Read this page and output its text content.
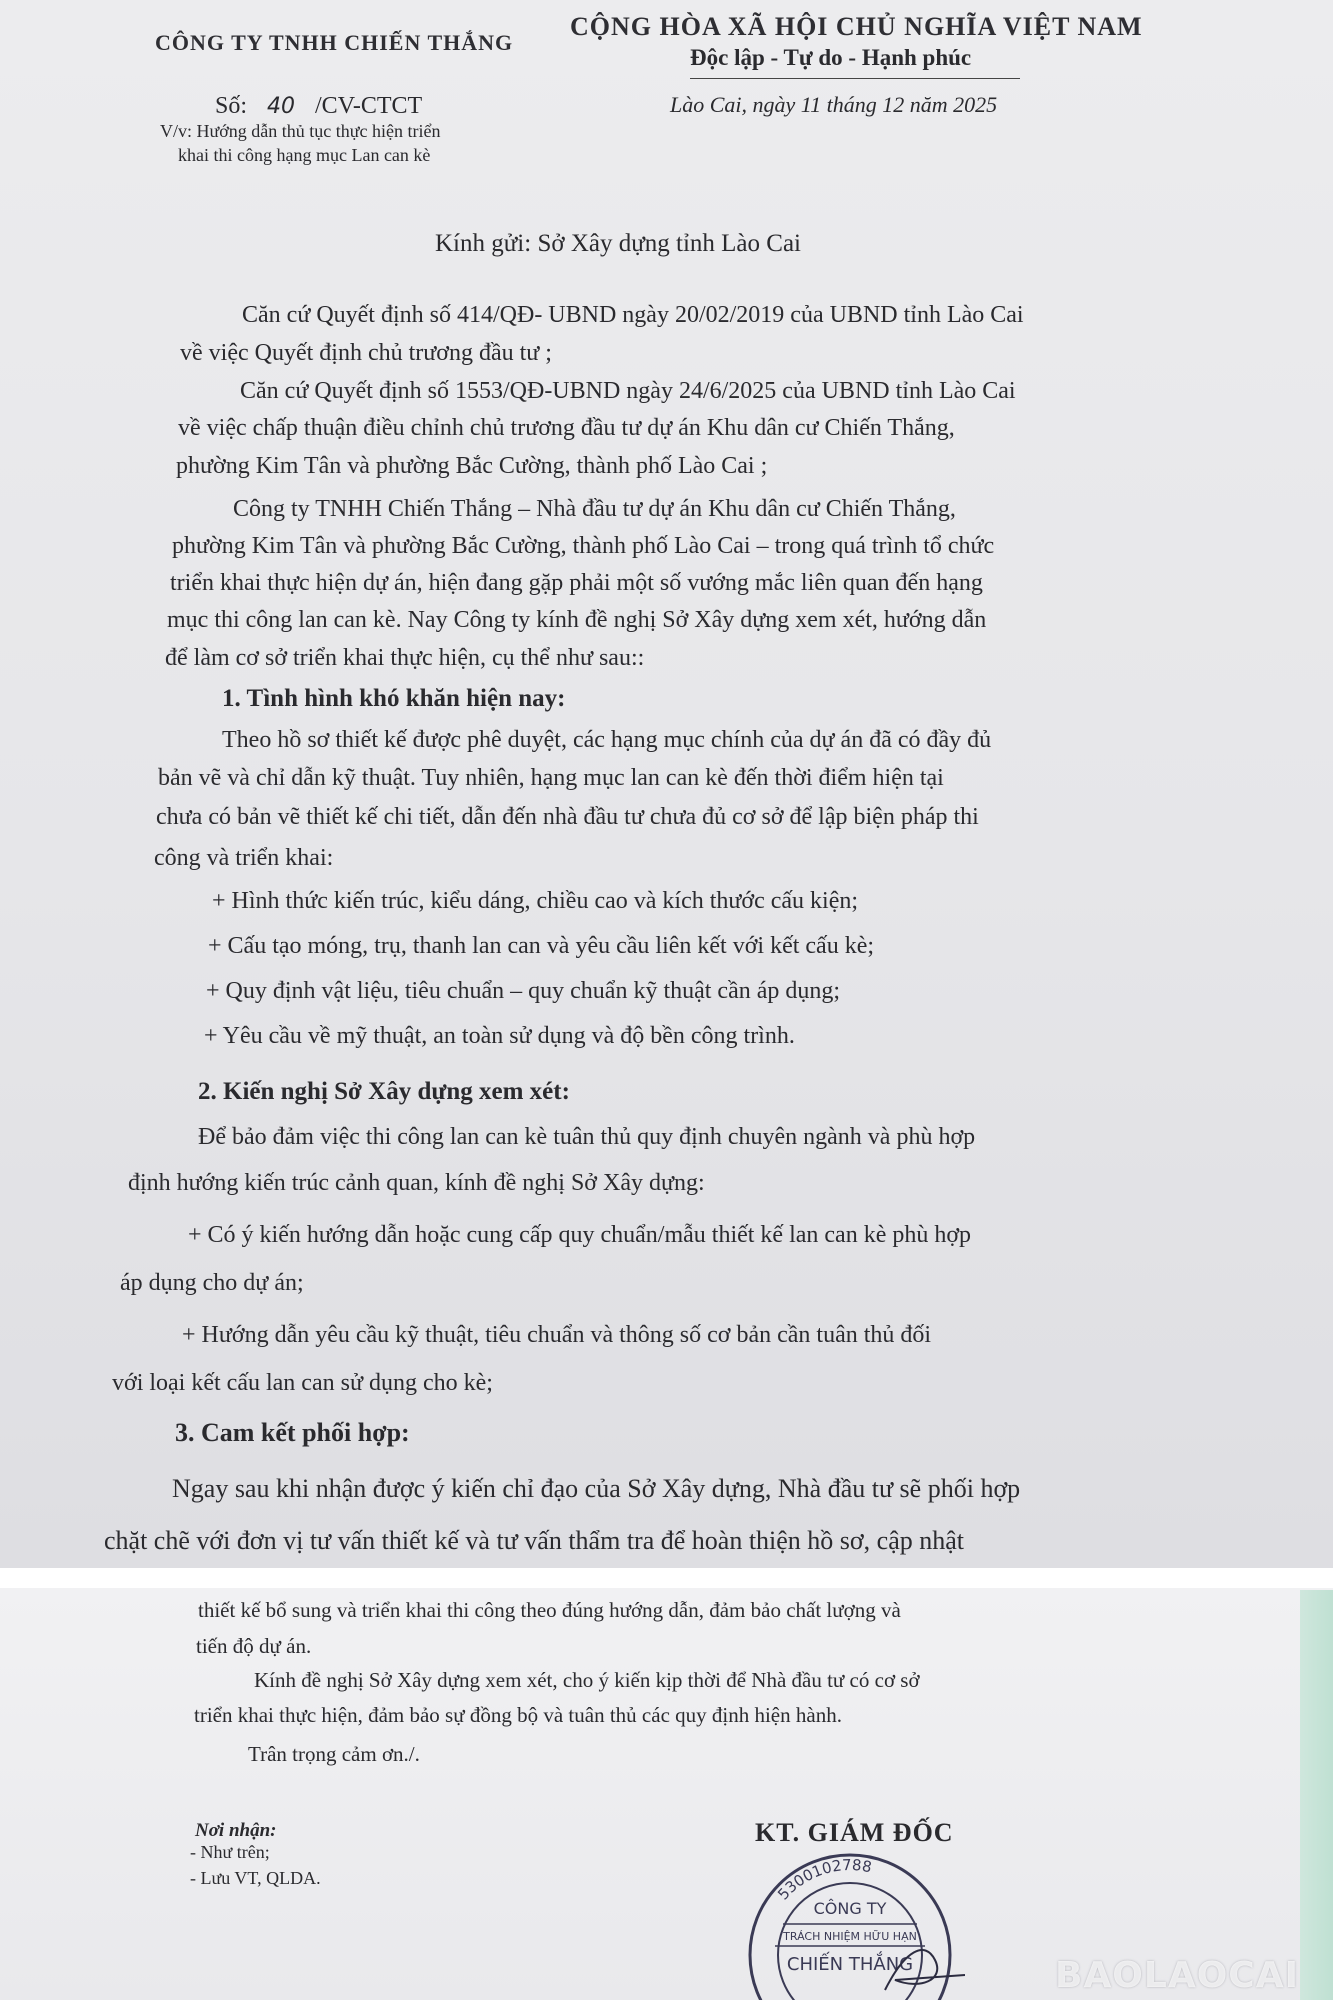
CÔNG TY TNHH CHIẾN THẮNG
CỘNG HÒA XÃ HỘI CHỦ NGHĨA VIỆT NAM
Độc lập - Tự do - Hạnh phúc
Số: 40 /CV-CTCT	Lào Cai, ngày 11 tháng 12 năm 2025
V/v: Hướng dẫn thủ tục thực hiện triển
khai thi công hạng mục Lan can kè
Kính gửi: Sở Xây dựng tỉnh Lào Cai
Căn cứ Quyết định số 414/QĐ- UBND ngày 20/02/2019 của UBND tỉnh Lào Cai
về việc Quyết định chủ trương đầu tư ;
Căn cứ Quyết định số 1553/QĐ-UBND ngày 24/6/2025 của UBND tỉnh Lào Cai
về việc chấp thuận điều chỉnh chủ trương đầu tư dự án Khu dân cư Chiến Thắng,
phường Kim Tân và phường Bắc Cường, thành phố Lào Cai ;
Công ty TNHH Chiến Thắng – Nhà đầu tư dự án Khu dân cư Chiến Thắng,
phường Kim Tân và phường Bắc Cường, thành phố Lào Cai – trong quá trình tổ chức
triển khai thực hiện dự án, hiện đang gặp phải một số vướng mắc liên quan đến hạng
mục thi công lan can kè. Nay Công ty kính đề nghị Sở Xây dựng xem xét, hướng dẫn
để làm cơ sở triển khai thực hiện, cụ thể như sau::
1. Tình hình khó khăn hiện nay:
Theo hồ sơ thiết kế được phê duyệt, các hạng mục chính của dự án đã có đầy đủ
bản vẽ và chỉ dẫn kỹ thuật. Tuy nhiên, hạng mục lan can kè đến thời điểm hiện tại
chưa có bản vẽ thiết kế chi tiết, dẫn đến nhà đầu tư chưa đủ cơ sở để lập biện pháp thi
công và triển khai:
+ Hình thức kiến trúc, kiểu dáng, chiều cao và kích thước cấu kiện;
+ Cấu tạo móng, trụ, thanh lan can và yêu cầu liên kết với kết cấu kè;
+ Quy định vật liệu, tiêu chuẩn – quy chuẩn kỹ thuật cần áp dụng;
+ Yêu cầu về mỹ thuật, an toàn sử dụng và độ bền công trình.
2. Kiến nghị Sở Xây dựng xem xét:
Để bảo đảm việc thi công lan can kè tuân thủ quy định chuyên ngành và phù hợp
định hướng kiến trúc cảnh quan, kính đề nghị Sở Xây dựng:
+ Có ý kiến hướng dẫn hoặc cung cấp quy chuẩn/mẫu thiết kế lan can kè phù hợp
áp dụng cho dự án;
+ Hướng dẫn yêu cầu kỹ thuật, tiêu chuẩn và thông số cơ bản cần tuân thủ đối
với loại kết cấu lan can sử dụng cho kè;
3. Cam kết phối hợp:
Ngay sau khi nhận được ý kiến chỉ đạo của Sở Xây dựng, Nhà đầu tư sẽ phối hợp
chặt chẽ với đơn vị tư vấn thiết kế và tư vấn thẩm tra để hoàn thiện hồ sơ, cập nhật
thiết kế bổ sung và triển khai thi công theo đúng hướng dẫn, đảm bảo chất lượng và
tiến độ dự án.
Kính đề nghị Sở Xây dựng xem xét, cho ý kiến kịp thời để Nhà đầu tư có cơ sở
triển khai thực hiện, đảm bảo sự đồng bộ và tuân thủ các quy định hiện hành.
Trân trọng cảm ơn./.
Nơi nhận:
- Như trên;
- Lưu VT, QLDA.
KT. GIÁM ĐỐC
5300102788
CÔNG TY
TRÁCH NHIỆM HỮU HẠN
CHIẾN THẮNG	BAOLAOCAI
